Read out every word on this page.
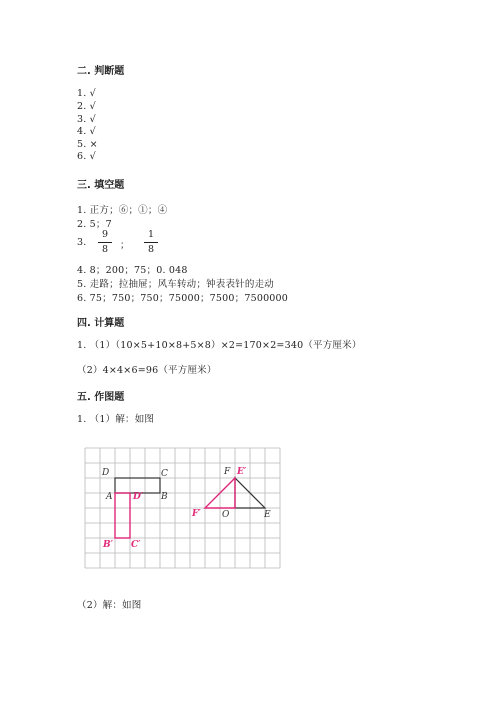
二. 判断题
1. √
2. √
3. √
4. √
5. ×
6. √
三. 填空题
1. 正方；⑥；①；④
2. 5；7
3.
9
8	；
1
8
4. 8；200；75；0. 048
5. 走路；拉抽屉；风车转动；钟表表针的走动
6. 75；750；750；75000；7500；7500000
四. 计算题
1. （1）（10×5+10×8+5×8）×2=170×2=340（平方厘米）
（2）4×4×6=96（平方厘米）
五. 作图题
1. （1）解：如图
D	C
A	B
D′
B′ C′
F E′
F′ O	E
（2）解：如图
